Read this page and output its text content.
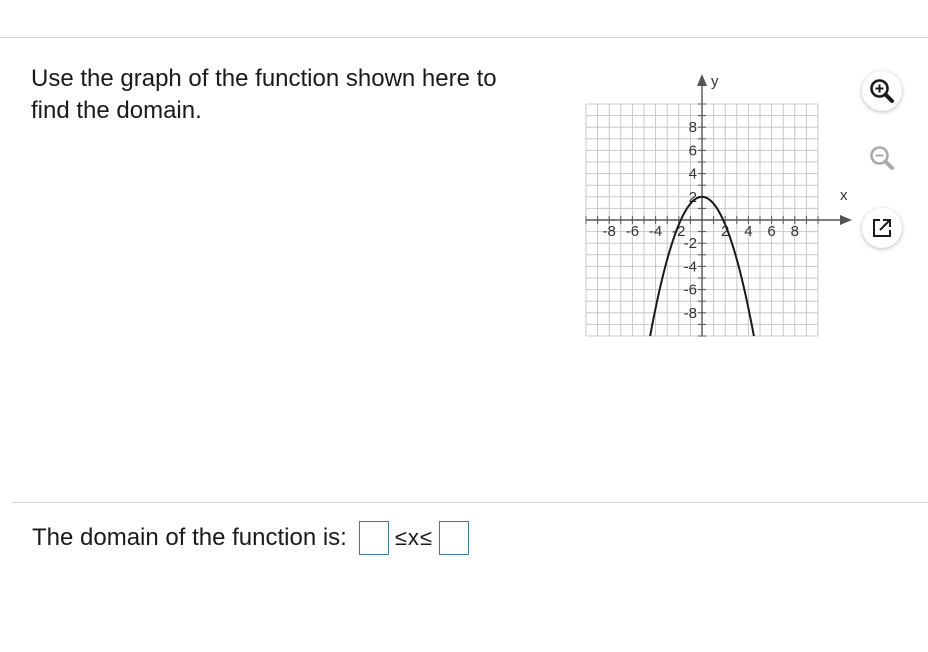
Use the graph of the function shown here to
find the domain.
-8 -6 -4 -2 2 4 6 8
8
6
4
2
-2
-4
-6
-8
x
y
The domain of the function is: ≤x≤
